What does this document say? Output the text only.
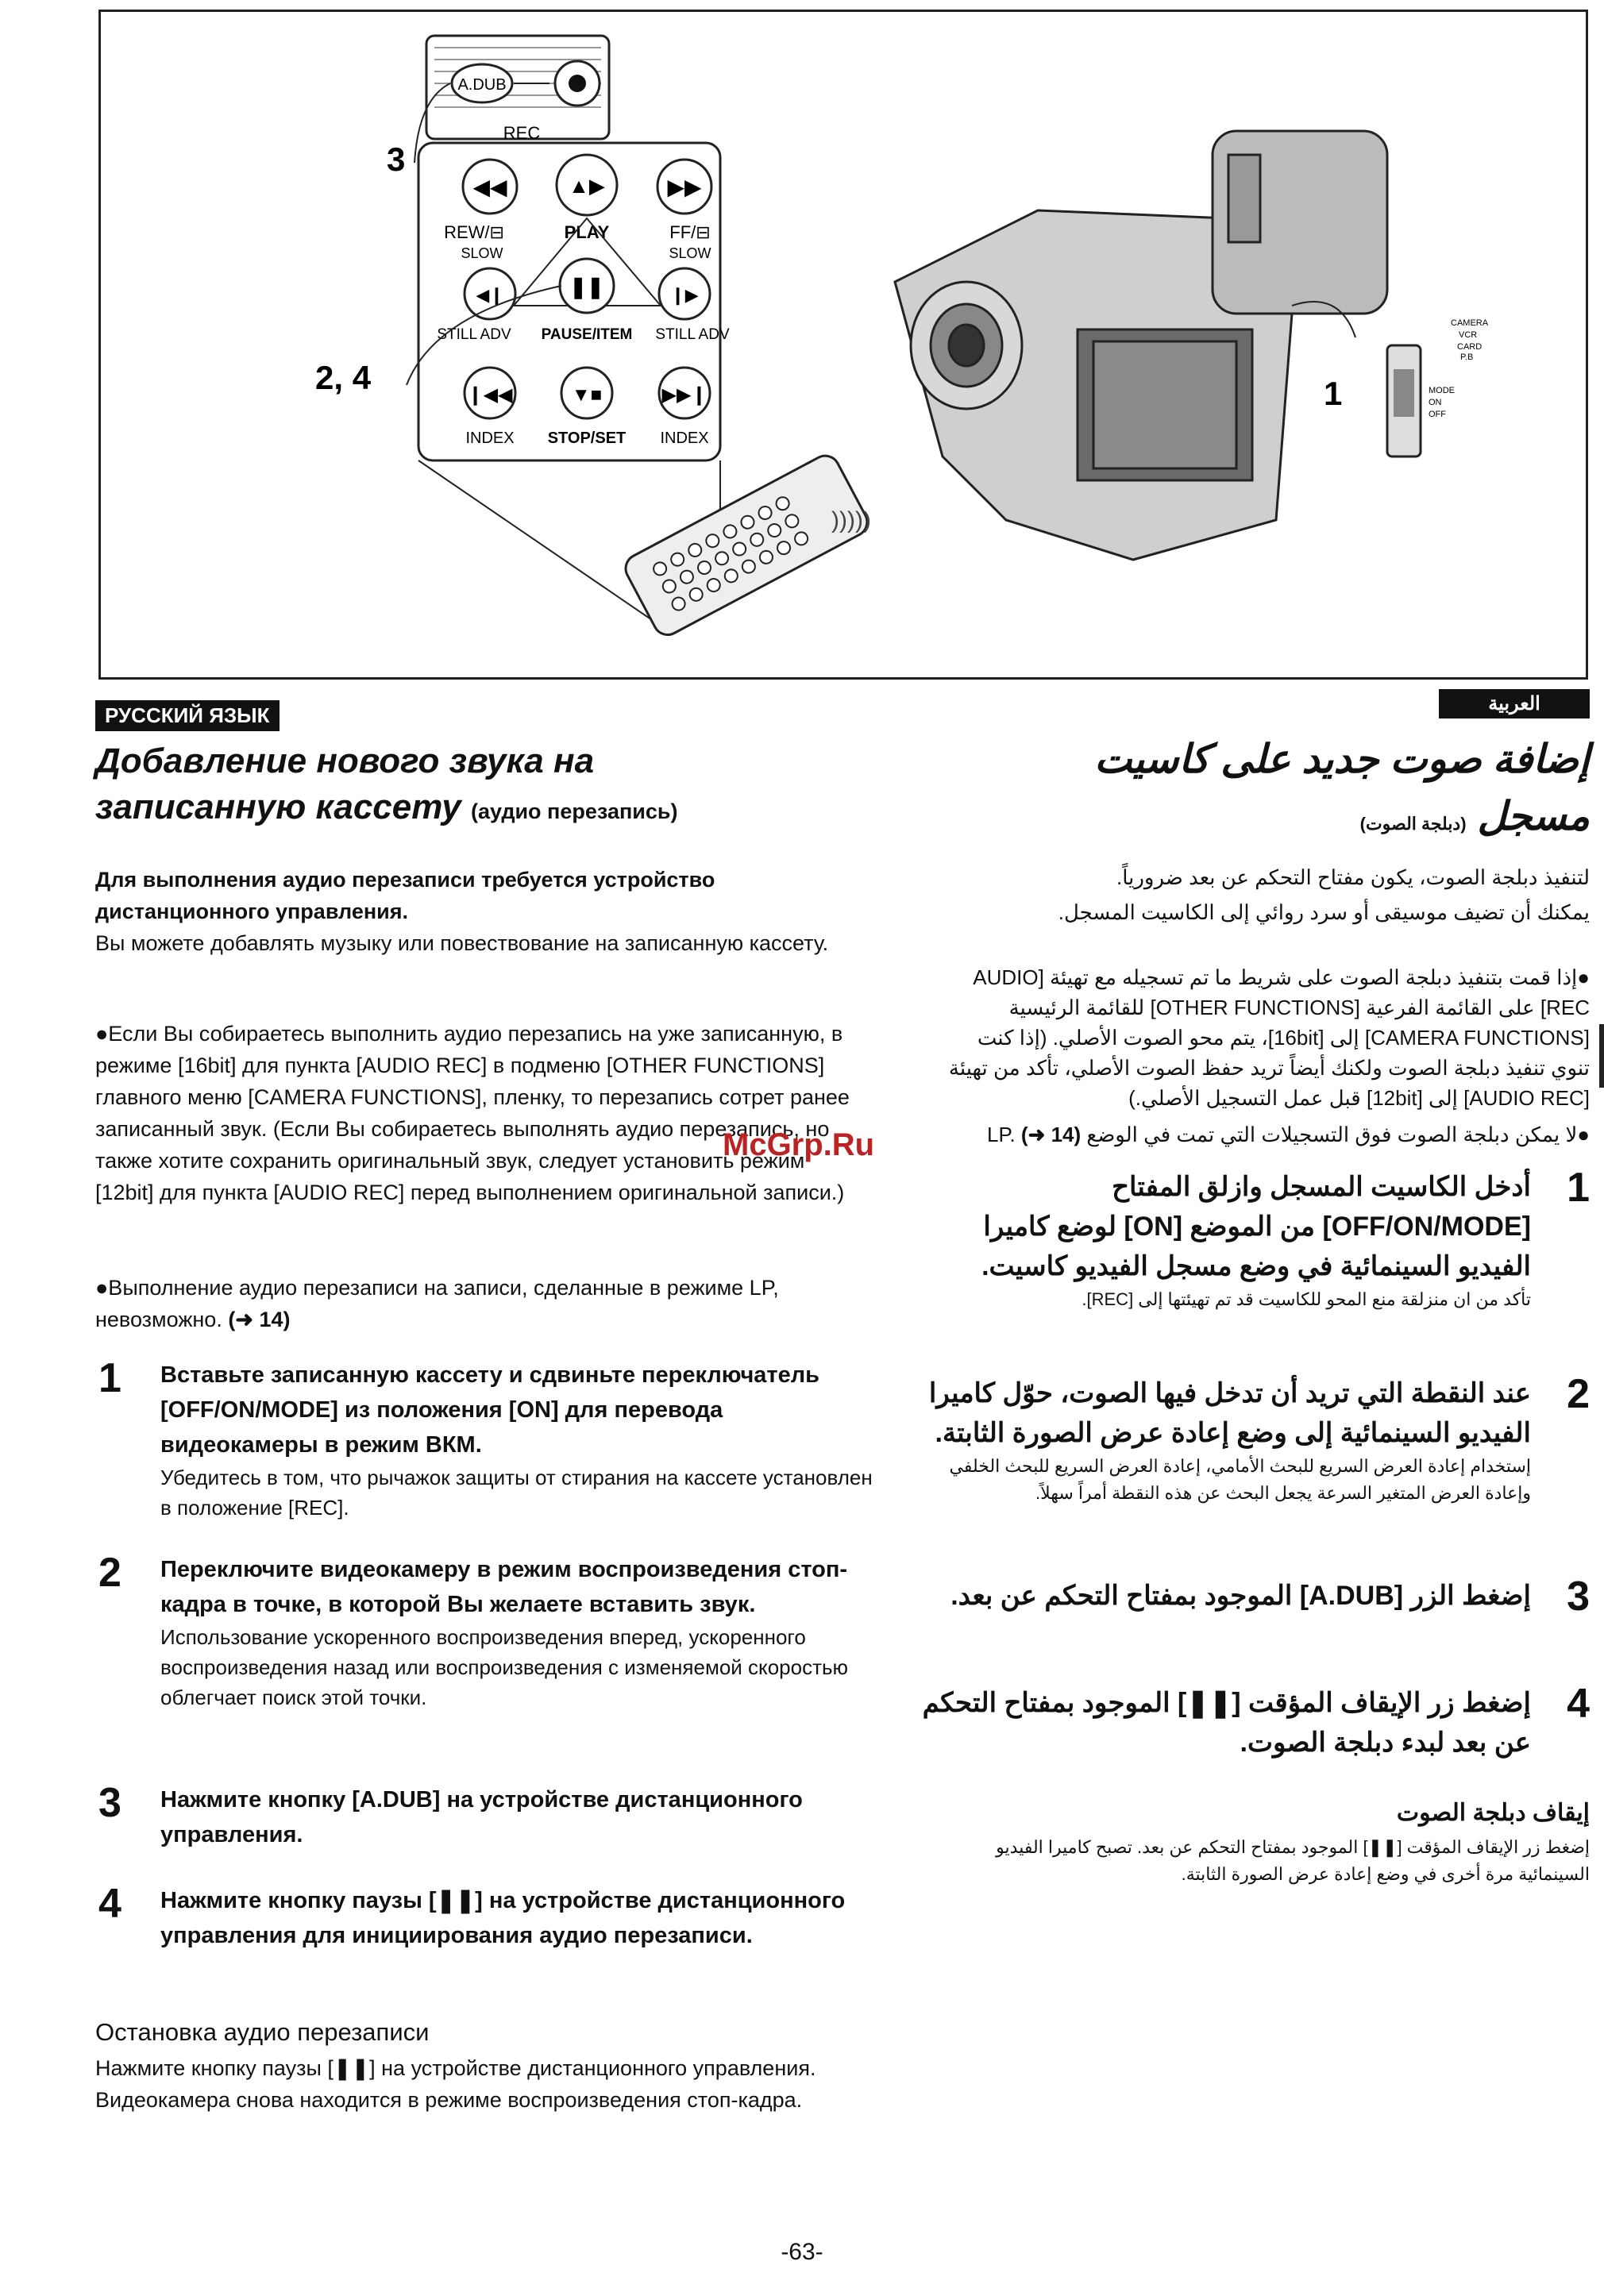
A.DUB
REC
3
◀◀	▲▶	▶▶
REW/⊟	PLAY	FF/⊟
SLOW	SLOW
◀❙	❚❚	❙▶
STILL ADV PAUSE/ITEM STILL ADV
❙◀◀	▼■	▶▶❙
INDEX STOP/SET INDEX
2, 4
)))))
1
CAMERA
VCR
CARD
P.B
MODE
ON
OFF
РУССКИЙ ЯЗЫК
Добавление нового звука на
записанную кассету (аудио перезапись)
Для выполнения аудио перезаписи требуется устройство дистанционного управления.
Вы можете добавлять музыку или повествование на записанную кассету.
●Если Вы собираетесь выполнить аудио перезапись на уже записанную, в режиме [16bit] для пункта [AUDIO REC] в подменю [OTHER FUNCTIONS] главного меню [CAMERA FUNCTIONS], пленку, то перезапись сотрет ранее записанный звук. (Если Вы собираетесь выполнять аудио перезапись, но также хотите сохранить оригинальный звук, следует установить режим [12bit] для пункта [AUDIO REC] перед выполнением оригинальной записи.)
●Выполнение аудио перезаписи на записи, сделанные в режиме LP, невозможно. (➜ 14)
1 Вставьте записанную кассету и сдвиньте переключатель [OFF/ON/MODE] из положения [ON] для перевода видеокамеры в режим ВКМ.
Убедитесь в том, что рычажок защиты от стирания на кассете установлен в положение [REC].
2 Переключите видеокамеру в режим воспроизведения стоп-кадра в точке, в которой Вы желаете вставить звук.
Использование ускоренного воспроизведения вперед, ускоренного воспроизведения назад или воспроизведения с изменяемой скоростью облегчает поиск этой точки.
3 Нажмите кнопку [A.DUB] на устройстве дистанционного управления.
4 Нажмите кнопку паузы [❚❚] на устройстве дистанционного управления для инициирования аудио перезаписи.
Остановка аудио перезаписи
Нажмите кнопку паузы [❚❚] на устройстве дистанционного управления. Видеокамера снова находится в режиме воспроизведения стоп-кадра.
العربية
إضافة صوت جديد على كاسيت
مسجل (دبلجة الصوت)
لتنفيذ دبلجة الصوت، يكون مفتاح التحكم عن بعد ضرورياً.
يمكنك أن تضيف موسيقى أو سرد روائي إلى الكاسيت المسجل.
●إذا قمت بتنفيذ دبلجة الصوت على شريط ما تم تسجيله مع تهيئة [AUDIO REC] على القائمة الفرعية [OTHER FUNCTIONS] للقائمة الرئيسية [CAMERA FUNCTIONS] إلى [16bit]، يتم محو الصوت الأصلي. (إذا كنت تنوي تنفيذ دبلجة الصوت ولكنك أيضاً تريد حفظ الصوت الأصلي، تأكد من تهيئة [AUDIO REC] إلى [12bit] قبل عمل التسجيل الأصلي.)
●لا يمكن دبلجة الصوت فوق التسجيلات التي تمت في الوضع LP. (➜ 14)
1
أدخل الكاسيت المسجل وازلق المفتاح [OFF/ON/MODE] من الموضع [ON] لوضع كاميرا الفيديو السينمائية في وضع مسجل الفيديو كاسيت.
تأكد من ان منزلقة منع المحو للكاسيت قد تم تهيئتها إلى [REC].
2
عند النقطة التي تريد أن تدخل فيها الصوت، حوّل كاميرا الفيديو السينمائية إلى وضع إعادة عرض الصورة الثابتة.
إستخدام إعادة العرض السريع للبحث الأمامي، إعادة العرض السريع للبحث الخلفي وإعادة العرض المتغير السرعة يجعل البحث عن هذه النقطة أمراً سهلاً.
3
إضغط الزر [A.DUB] الموجود بمفتاح التحكم عن بعد.
4
إضغط زر الإيقاف المؤقت [❚❚] الموجود بمفتاح التحكم عن بعد لبدء دبلجة الصوت.
إيقاف دبلجة الصوت
إضغط زر الإيقاف المؤقت [❚❚] الموجود بمفتاح التحكم عن بعد. تصبح كاميرا الفيديو السينمائية مرة أخرى في وضع إعادة عرض الصورة الثابتة.
McGrp.Ru
-63-
